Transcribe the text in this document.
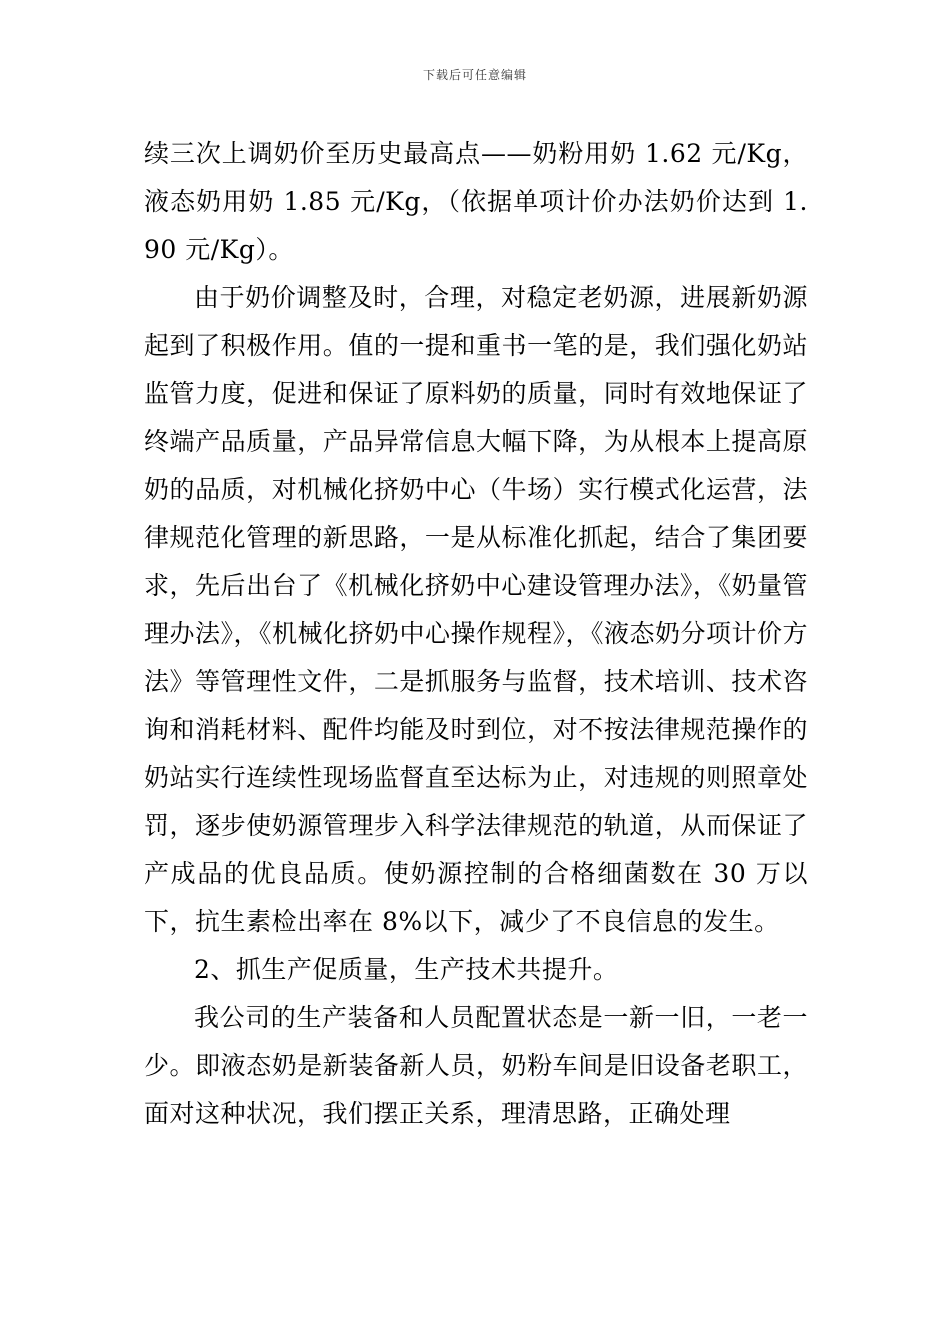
下载后可任意编辑

续三次上调奶价至历史最高点——奶粉用奶 1.62 元/Kg，液态奶用奶 1.85 元/Kg，（依据单项计价办法奶价达到 1.90 元/Kg）。

由于奶价调整及时，合理，对稳定老奶源，进展新奶源起到了积极作用。值的一提和重书一笔的是，我们强化奶站监管力度，促进和保证了原料奶的质量，同时有效地保证了终端产品质量，产品异常信息大幅下降，为从根本上提高原奶的品质，对机械化挤奶中心（牛场）实行模式化运营，法律规范化管理的新思路，一是从标准化抓起，结合了集团要求，先后出台了《机械化挤奶中心建设管理办法》，《奶量管理办法》，《机械化挤奶中心操作规程》，《液态奶分项计价方法》等管理性文件，二是抓服务与监督，技术培训、技术咨询和消耗材料、配件均能及时到位，对不按法律规范操作的奶站实行连续性现场监督直至达标为止，对违规的则照章处罚，逐步使奶源管理步入科学法律规范的轨道，从而保证了产成品的优良品质。使奶源控制的合格细菌数在 30 万以下，抗生素检出率在 8%以下，减少了不良信息的发生。

2、抓生产促质量，生产技术共提升。

我公司的生产装备和人员配置状态是一新一旧，一老一少。即液态奶是新装备新人员，奶粉车间是旧设备老职工，面对这种状况，我们摆正关系，理清思路，正确处理
